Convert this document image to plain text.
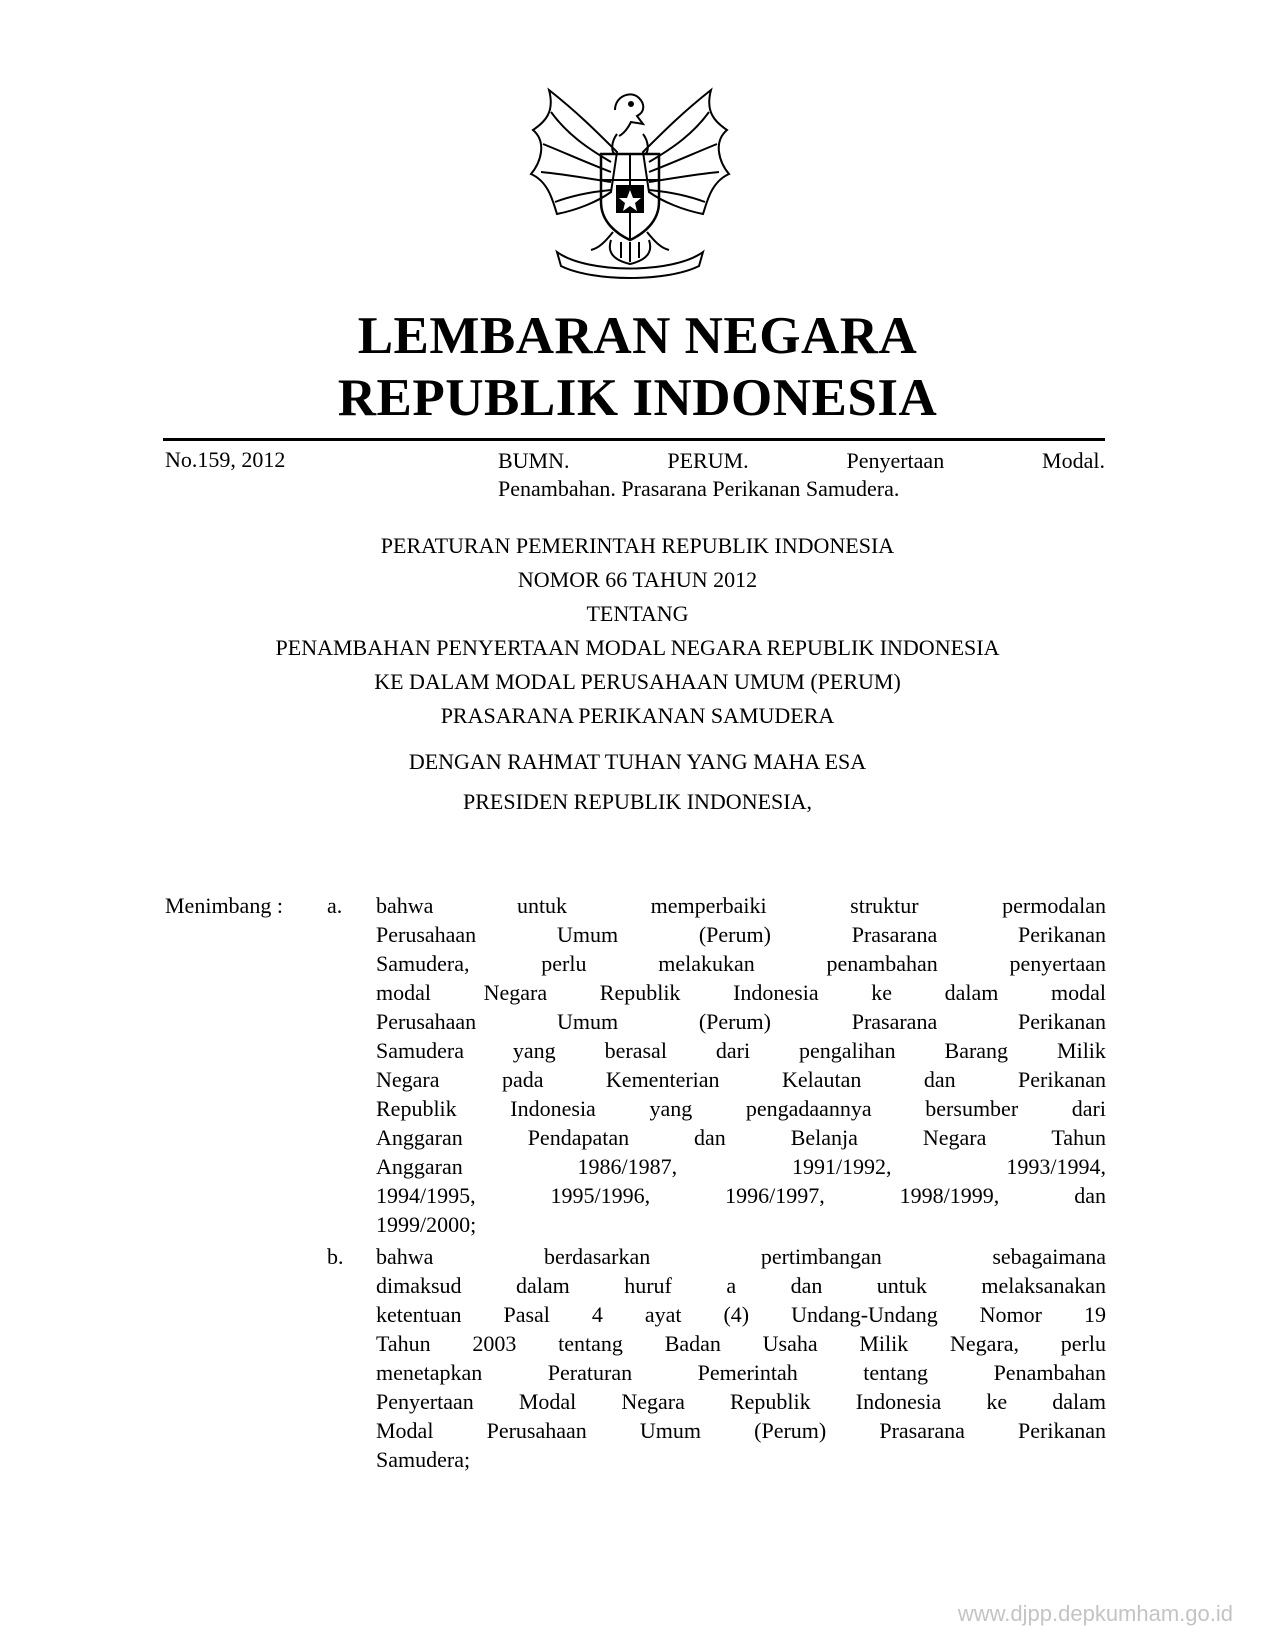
LEMBARAN NEGARA
REPUBLIK INDONESIA
No.159, 2012	BUMN.	PERUM.	Penyertaan	Modal.
Penambahan. Prasarana Perikanan Samudera.
PERATURAN PEMERINTAH REPUBLIK INDONESIA
NOMOR 66 TAHUN 2012
TENTANG
PENAMBAHAN PENYERTAAN MODAL NEGARA REPUBLIK INDONESIA
KE DALAM MODAL PERUSAHAAN UMUM (PERUM)
PRASARANA PERIKANAN SAMUDERA
DENGAN RAHMAT TUHAN YANG MAHA ESA
PRESIDEN REPUBLIK INDONESIA,
Menimbang : a. bahwa	untuk	memperbaiki	struktur	permodalan
Perusahaan	Umum	(Perum)	Prasarana	Perikanan
Samudera,	perlu	melakukan	penambahan	penyertaan
modal Negara Republik Indonesia ke dalam modal
Perusahaan	Umum	(Perum)	Prasarana	Perikanan
Samudera yang berasal dari pengalihan Barang Milik
Negara	pada	Kementerian	Kelautan	dan	Perikanan
Republik Indonesia yang pengadaannya bersumber dari
Anggaran	Pendapatan	dan	Belanja	Negara	Tahun
Anggaran	1986/1987,	1991/1992,	1993/1994,
1994/1995,	1995/1996,	1996/1997,	1998/1999,	dan
1999/2000;
b. bahwa	berdasarkan	pertimbangan	sebagaimana
dimaksud dalam huruf a dan untuk melaksanakan
ketentuan Pasal 4 ayat (4) Undang-Undang Nomor 19
Tahun 2003 tentang Badan Usaha Milik Negara, perlu
menetapkan	Peraturan	Pemerintah	tentang	Penambahan
Penyertaan Modal Negara Republik Indonesia ke dalam
Modal Perusahaan Umum (Perum) Prasarana Perikanan
Samudera;
www.djpp.depkumham.go.id
